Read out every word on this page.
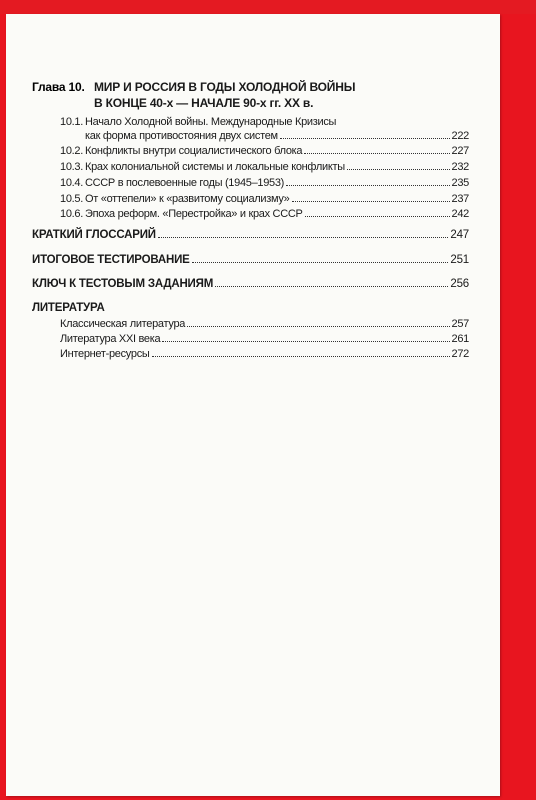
Глава 10. МИР И РОССИЯ В ГОДЫ ХОЛОДНОЙ ВОЙНЫ
В КОНЦЕ 40-х — НАЧАЛЕ 90-х гг. XX в.
10.1. Начало Холодной войны. Международные Кризисы
как форма противостояния двух систем	222
10.2. Конфликты внутри социалистического блока	227
10.3. Крах колониальной системы и локальные конфликты	232
10.4. СССР в послевоенные годы (1945–1953)	235
10.5. От «оттепели» к «развитому социализму»	237
10.6. Эпоха реформ. «Перестройка» и крах СССР	242
КРАТКИЙ ГЛОССАРИЙ	247
ИТОГОВОЕ ТЕСТИРОВАНИЕ	251
КЛЮЧ К ТЕСТОВЫМ ЗАДАНИЯМ	256
ЛИТЕРАТУРА
Классическая литература	257
Литература XXI века	261
Интернет-ресурсы	272
